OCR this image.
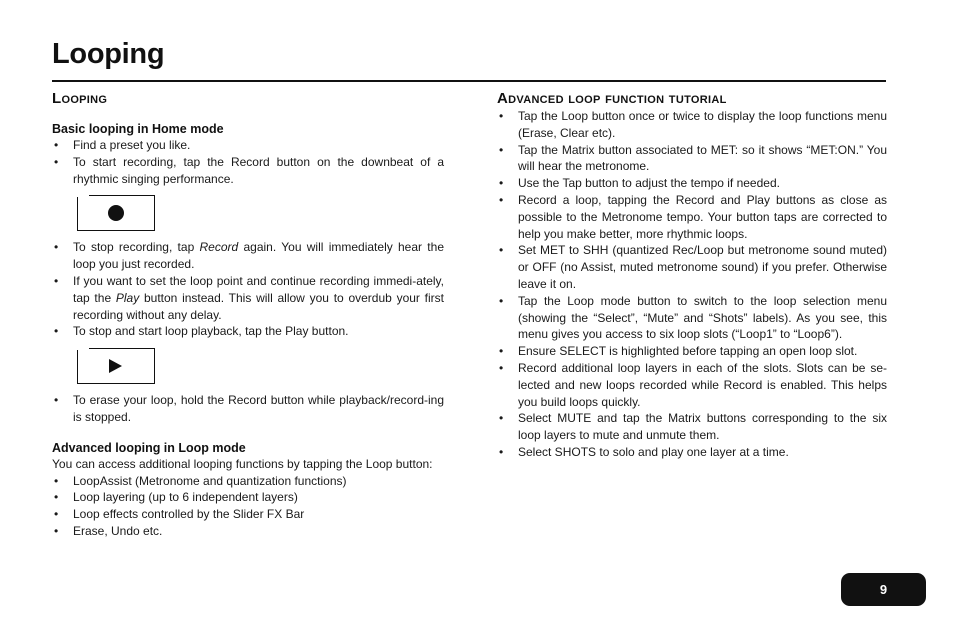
Looping
Looping
Basic looping in Home mode
• Find a preset you like.
• To start recording, tap the Record button on the downbeat of a rhythmic singing performance.
• To stop recording, tap Record again. You will immediately hear the loop you just recorded.
• If you want to set the loop point and continue recording immedi-ately, tap the Play button instead. This will allow you to overdub your first recording without any delay.
• To stop and start loop playback, tap the Play button.
• To erase your loop, hold the Record button while playback/record-ing is stopped.
Advanced looping in Loop mode

You can access additional looping functions by tapping the Loop button:

• LoopAssist (Metronome and quantization functions)
• Loop layering (up to 6 independent layers)
• Loop effects controlled by the Slider FX Bar
• Erase, Undo etc.
Advanced loop function tutorial
• Tap the Loop button once or twice to display the loop functions menu (Erase, Clear etc).
• Tap the Matrix button associated to MET: so it shows “MET:ON.” You will hear the metronome.
• Use the Tap button to adjust the tempo if needed.
• Record a loop, tapping the Record and Play buttons as close as possible to the Metronome tempo. Your button taps are corrected to help you make better, more rhythmic loops.
• Set MET to SHH (quantized Rec/Loop but metronome sound muted) or OFF (no Assist, muted metronome sound) if you prefer. Otherwise leave it on.
• Tap the Loop mode button to switch to the loop selection menu (showing the “Select”, “Mute” and “Shots” labels). As you see, this menu gives you access to six loop slots (“Loop1” to “Loop6”).
• Ensure SELECT is highlighted before tapping an open loop slot.
• Record additional loop layers in each of the slots. Slots can be se-lected and new loops recorded while Record is enabled. This helps you build loops quickly.
• Select MUTE and tap the Matrix buttons corresponding to the six loop layers to mute and unmute them.
• Select SHOTS to solo and play one layer at a time.
9
